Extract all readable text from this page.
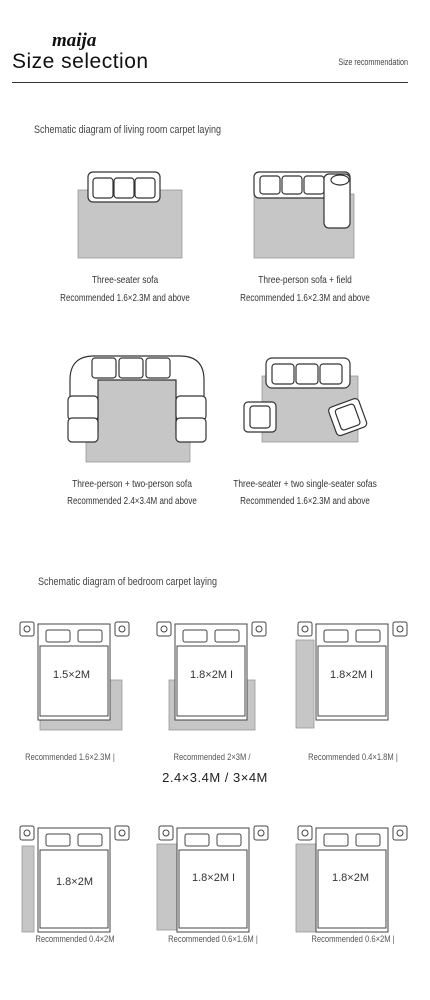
maija
Size selection	Size recommendation
Schematic diagram of living room carpet laying
Three-seater sofa
Recommended 1.6×2.3M and above
Three-person sofa + field
Recommended 1.6×2.3M and above
Three-person + two-person sofa
Recommended 2.4×3.4M and above
Three-seater + two single-seater sofas
Recommended 1.6×2.3M and above
Schematic diagram of bedroom carpet laying
1.5×2M
Recommended 1.6×2.3M |
1.8×2M I
Recommended 2×3M /
1.8×2M I
Recommended 0.4×1.8M |
2.4×3.4M / 3×4M
1.8×2M
Recommended 0.4×2M
1.8×2M I
Recommended 0.6×1.6M |
1.8×2M
Recommended 0.6×2M |
